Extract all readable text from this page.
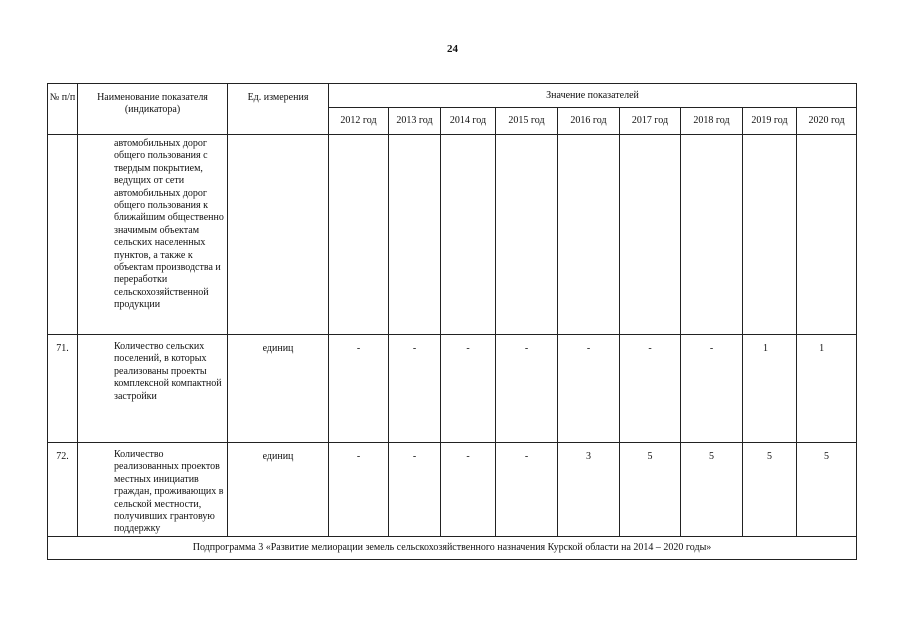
24
№ п/п	Наименование показателя (индикатора)	Ед. измерения	Значение показателей								
			2012 год	2013 год	2014 год	2015 год	2016 год	2017 год	2018 год	2019 год	2020 год
	автомобильных дорог общего пользования с твердым покрытием, ведущих от сети автомобильных дорог общего пользования к ближайшим общественно значимым объектам сельских населенных пунктов, а также к объектам производства и переработки сельскохозяйственной продукции										
71.	Количество сельских поселений, в которых реализованы проекты комплексной компактной застройки	единиц	-	-	-	-	-	-	-	1	1
72.	Количество реализованных проектов местных инициатив граждан, проживающих в сельской местности, получивших грантовую поддержку	единиц	-	-	-	-	3	5	5	5	5
Подпрограмма 3 «Развитие мелиорации земель сельскохозяйственного назначения Курской области на 2014 – 2020 годы»											
